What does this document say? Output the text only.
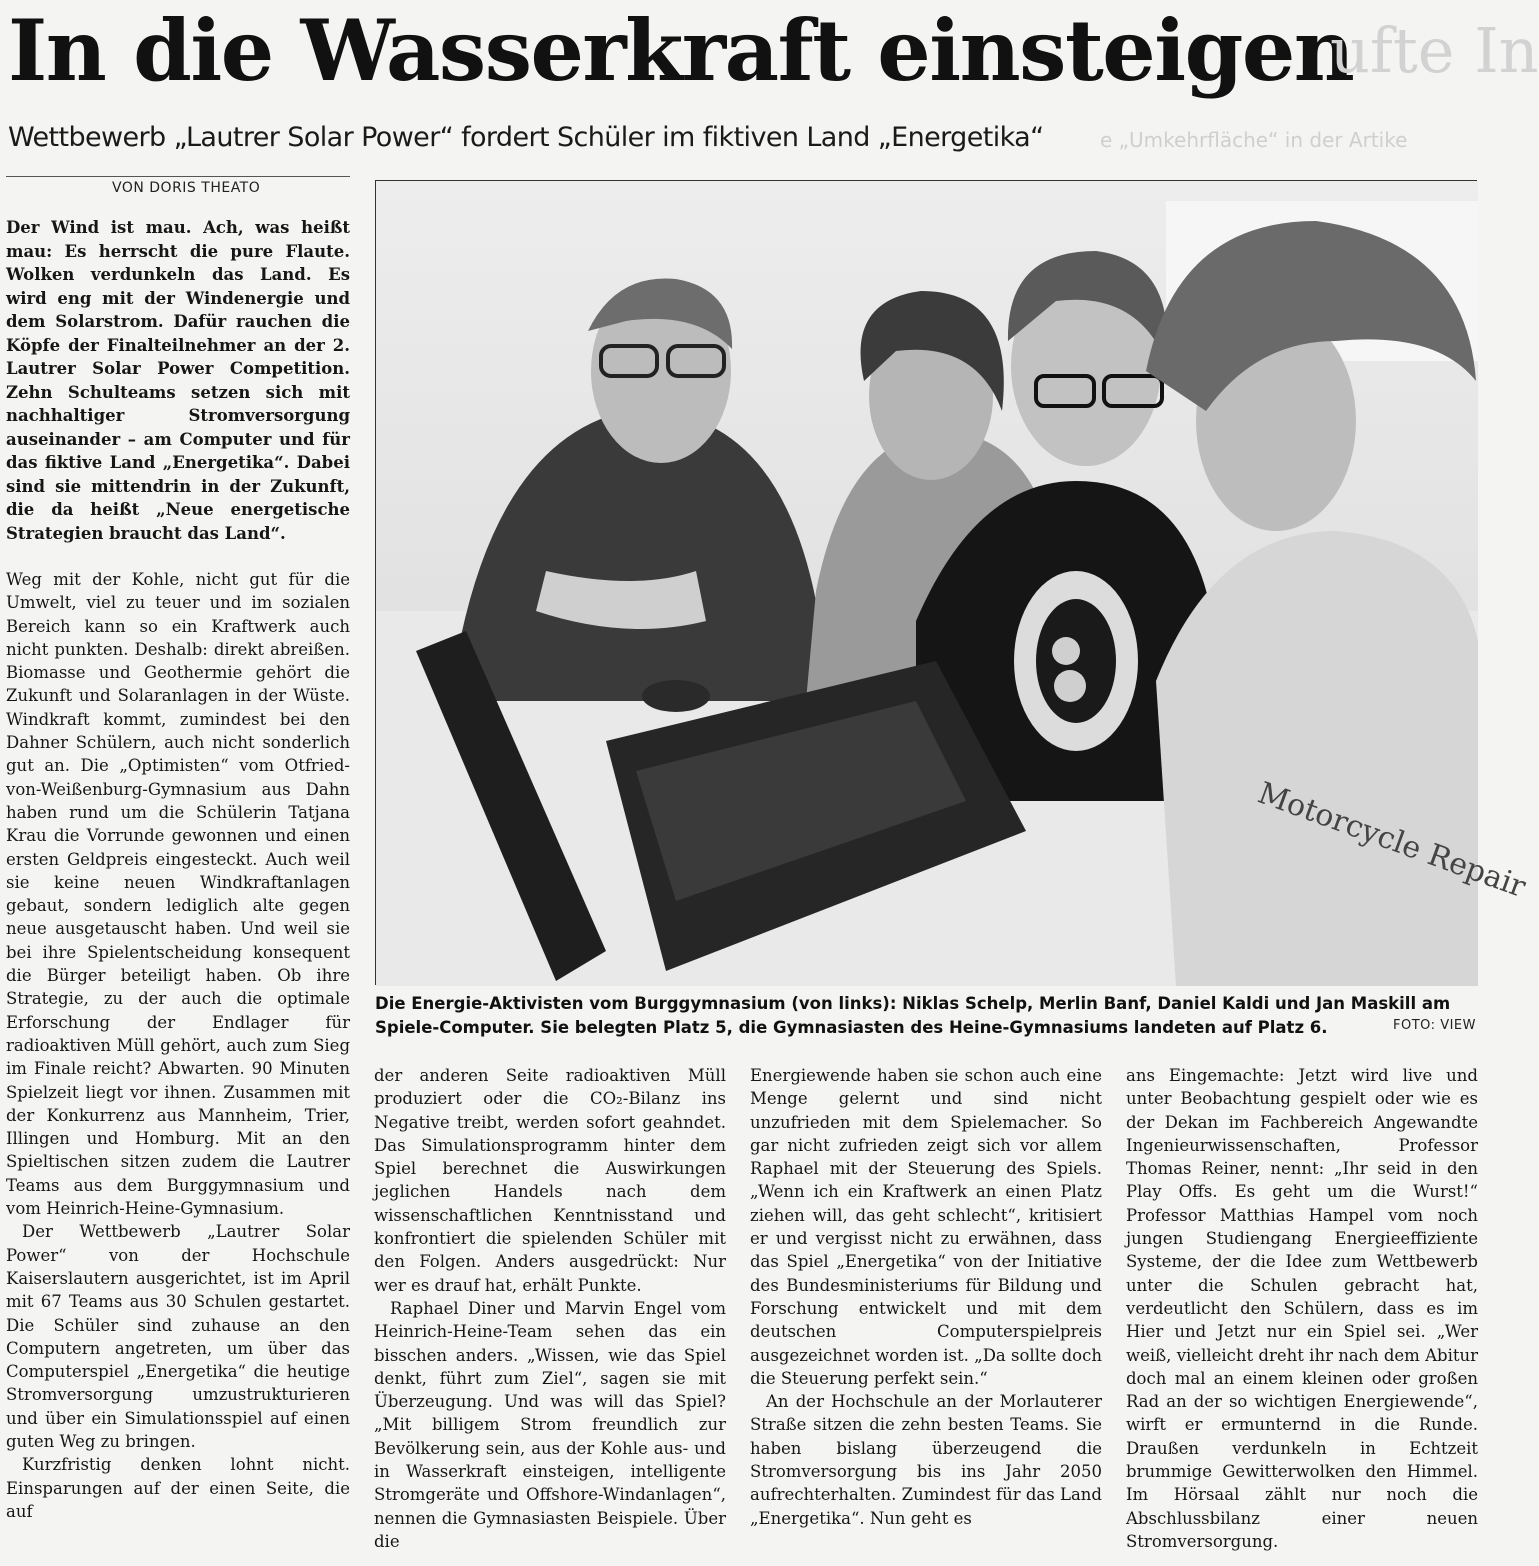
In die Wasserkraft einsteigen
ufte In
Wettbewerb „Lautrer Solar Power“ fordert Schüler im fiktiven Land „Energetika“	e „Umkehrfläche“ in der Artike
VON DORIS THEATO
Der Wind ist mau. Ach, was heißt mau: Es herrscht die pure Flaute. Wolken verdunkeln das Land. Es wird eng mit der Windenergie und dem Solarstrom. Dafür rauchen die Köpfe der Finalteilnehmer an der 2. Lautrer Solar Power Competition. Zehn Schulteams setzen sich mit nachhaltiger Stromversorgung auseinander – am Computer und für das fiktive Land „Energetika“. Dabei sind sie mittendrin in der Zukunft, die da heißt „Neue energetische Strategien braucht das Land“.

Weg mit der Kohle, nicht gut für die Umwelt, viel zu teuer und im sozialen Bereich kann so ein Kraftwerk auch nicht punkten. Deshalb: direkt abreißen. Biomasse und Geothermie gehört die Zukunft und Solaranlagen in der Wüste. Windkraft kommt, zumindest bei den Dahner Schülern, auch nicht sonderlich gut an. Die „Optimisten“ vom Otfried-von-Weißenburg-Gymnasium aus Dahn haben rund um die Schülerin Tatjana Krau die Vorrunde gewonnen und einen ersten Geldpreis eingesteckt. Auch weil sie keine neuen Windkraftanlagen gebaut, sondern lediglich alte gegen neue ausgetauscht haben. Und weil sie bei ihre Spielentscheidung konsequent die Bürger beteiligt haben. Ob ihre Strategie, zu der auch die optimale Erforschung der Endlager für radioaktiven Müll gehört, auch zum Sieg im Finale reicht? Abwarten. 90 Minuten Spielzeit liegt vor ihnen. Zusammen mit der Konkurrenz aus Mannheim, Trier, Illingen und Homburg. Mit an den Spieltischen sitzen zudem die Lautrer Teams aus dem Burggymnasium und vom Heinrich-Heine-Gymnasium.

Der Wettbewerb „Lautrer Solar Power“ von der Hochschule Kaiserslautern ausgerichtet, ist im April mit 67 Teams aus 30 Schulen gestartet. Die Schüler sind zuhause an den Computern angetreten, um über das Computerspiel „Energetika“ die heutige Stromversorgung umzustrukturieren und über ein Simulationsspiel auf einen guten Weg zu bringen.

Kurzfristig denken lohnt nicht. Einsparungen auf der einen Seite, die auf

Motorcycle Repair
Die Energie-Aktivisten vom Burggymnasium (von links): Niklas Schelp, Merlin Banf, Daniel Kaldi und Jan Maskill am Spiele-Computer. Sie belegten Platz 5, die Gymnasiasten des Heine-Gymnasiums landeten auf Platz 6.	FOTO: VIEW

der anderen Seite radioaktiven Müll produziert oder die CO₂-Bilanz ins Negative treibt, werden sofort geahndet. Das Simulationsprogramm hinter dem Spiel berechnet die Auswirkungen jeglichen Handels nach dem wissenschaftlichen Kenntnisstand und konfrontiert die spielenden Schüler mit den Folgen. Anders ausgedrückt: Nur wer es drauf hat, erhält Punkte.

Raphael Diner und Marvin Engel vom Heinrich-Heine-Team sehen das ein bisschen anders. „Wissen, wie das Spiel denkt, führt zum Ziel“, sagen sie mit Überzeugung. Und was will das Spiel? „Mit billigem Strom freundlich zur Bevölkerung sein, aus der Kohle aus- und in Wasserkraft einsteigen, intelligente Stromgeräte und Offshore-Windanlagen“, nennen die Gymnasiasten Beispiele. Über die

Energiewende haben sie schon auch eine Menge gelernt und sind nicht unzufrieden mit dem Spielemacher. So gar nicht zufrieden zeigt sich vor allem Raphael mit der Steuerung des Spiels. „Wenn ich ein Kraftwerk an einen Platz ziehen will, das geht schlecht“, kritisiert er und vergisst nicht zu erwähnen, dass das Spiel „Energetika“ von der Initiative des Bundesministeriums für Bildung und Forschung entwickelt und mit dem deutschen Computerspielpreis ausgezeichnet worden ist. „Da sollte doch die Steuerung perfekt sein.“

An der Hochschule an der Morlauterer Straße sitzen die zehn besten Teams. Sie haben bislang überzeugend die Stromversorgung bis ins Jahr 2050 aufrechterhalten. Zumindest für das Land „Energetika“. Nun geht es

ans Eingemachte: Jetzt wird live und unter Beobachtung gespielt oder wie es der Dekan im Fachbereich Angewandte Ingenieurwissenschaften, Professor Thomas Reiner, nennt: „Ihr seid in den Play Offs. Es geht um die Wurst!“ Professor Matthias Hampel vom noch jungen Studiengang Energieeffiziente Systeme, der die Idee zum Wettbewerb unter die Schulen gebracht hat, verdeutlicht den Schülern, dass es im Hier und Jetzt nur ein Spiel sei. „Wer weiß, vielleicht dreht ihr nach dem Abitur doch mal an einem kleinen oder großen Rad an der so wichtigen Energiewende“, wirft er ermunternd in die Runde. Draußen verdunkeln in Echtzeit brummige Gewitterwolken den Himmel. Im Hörsaal zählt nur noch die Abschlussbilanz einer neuen Stromversorgung.
